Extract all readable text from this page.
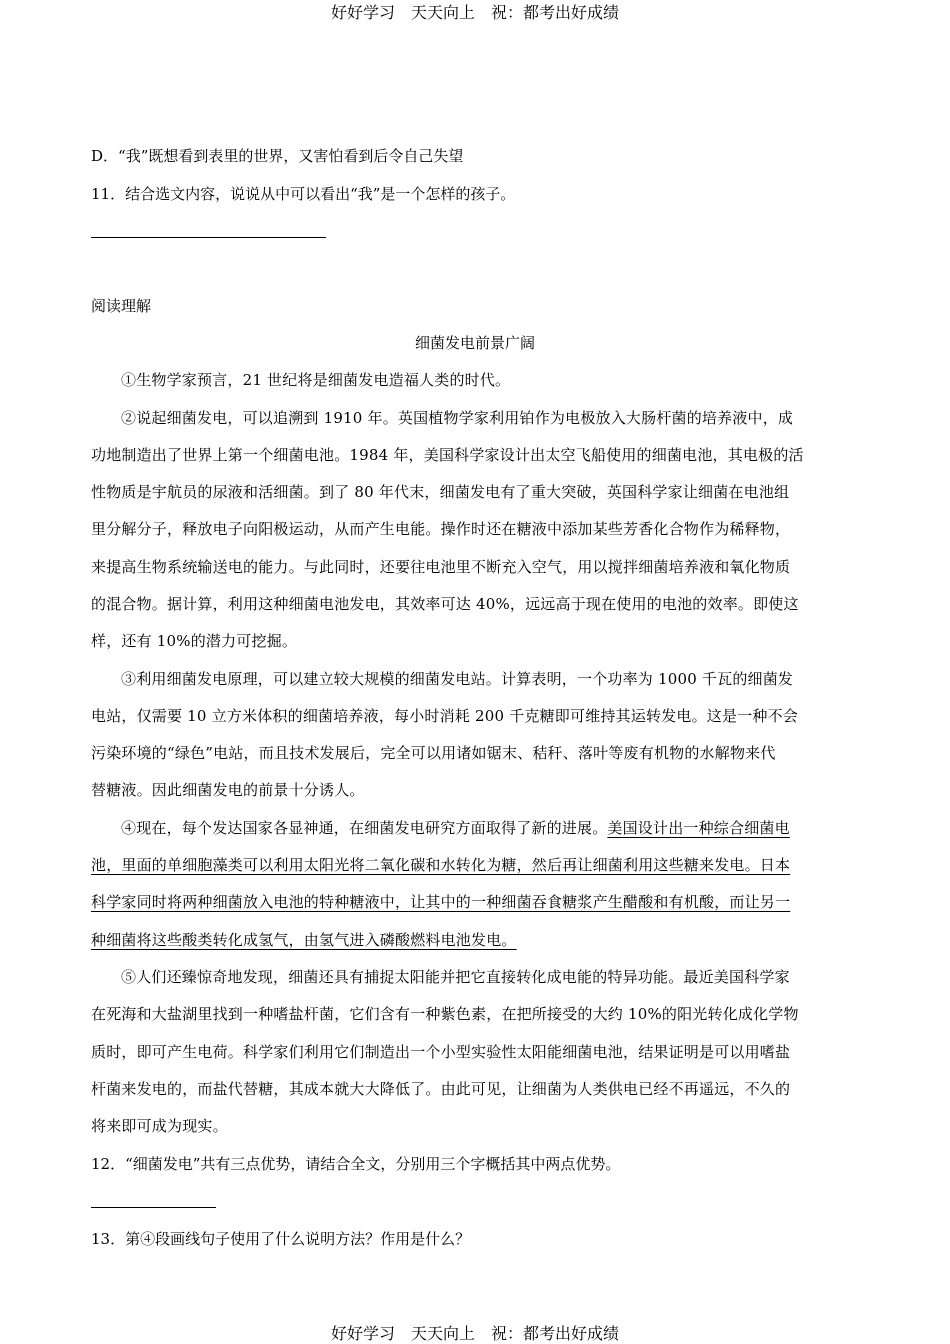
好好学习　天天向上　祝：都考出好成绩
D．“我”既想看到表里的世界，又害怕看到后令自己失望
11．结合选文内容，说说从中可以看出“我”是一个怎样的孩子。
阅读理解
细菌发电前景广阔
①生物学家预言，21 世纪将是细菌发电造福人类的时代。
②说起细菌发电，可以追溯到 1910 年。英国植物学家利用铂作为电极放入大肠杆菌的培养液中，成
功地制造出了世界上第一个细菌电池。1984 年，美国科学家设计出太空飞船使用的细菌电池，其电极的活
性物质是宇航员的尿液和活细菌。到了 80 年代末，细菌发电有了重大突破，英国科学家让细菌在电池组
里分解分子，释放电子向阳极运动，从而产生电能。操作时还在糖液中添加某些芳香化合物作为稀释物，
来提高生物系统输送电的能力。与此同时，还要往电池里不断充入空气，用以搅拌细菌培养液和氧化物质
的混合物。据计算，利用这种细菌电池发电，其效率可达 40%，远远高于现在使用的电池的效率。即使这
样，还有 10%的潜力可挖掘。
③利用细菌发电原理，可以建立较大规模的细菌发电站。计算表明，一个功率为 1000 千瓦的细菌发
电站，仅需要 10 立方米体积的细菌培养液，每小时消耗 200 千克糖即可维持其运转发电。这是一种不会
污染环境的“绿色”电站，而且技术发展后，完全可以用诸如锯末、秸秆、落叶等废有机物的水解物来代
替糖液。因此细菌发电的前景十分诱人。
④现在，每个发达国家各显神通，在细菌发电研究方面取得了新的进展。美国设计出一种综合细菌电
池，里面的单细胞藻类可以利用太阳光将二氧化碳和水转化为糖，然后再让细菌利用这些糖来发电。日本
科学家同时将两种细菌放入电池的特种糖液中，让其中的一种细菌吞食糖浆产生醋酸和有机酸，而让另一
种细菌将这些酸类转化成氢气，由氢气进入磷酸燃料电池发电。
⑤人们还臻惊奇地发现，细菌还具有捕捉太阳能并把它直接转化成电能的特异功能。最近美国科学家
在死海和大盐湖里找到一种嗜盐杆菌，它们含有一种紫色素，在把所接受的大约 10%的阳光转化成化学物
质时，即可产生电荷。科学家们利用它们制造出一个小型实验性太阳能细菌电池，结果证明是可以用嗜盐
杆菌来发电的，而盐代替糖，其成本就大大降低了。由此可见，让细菌为人类供电已经不再遥远，不久的
将来即可成为现实。
12．“细菌发电”共有三点优势，请结合全文，分别用三个字概括其中两点优势。
13．第④段画线句子使用了什么说明方法？作用是什么？
好好学习　天天向上　祝：都考出好成绩
